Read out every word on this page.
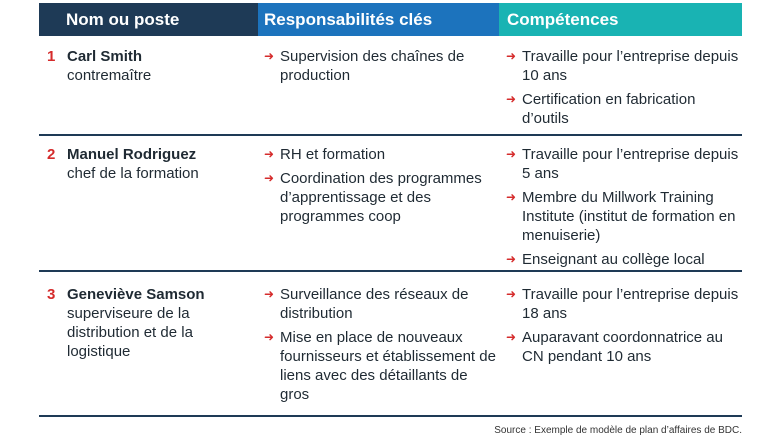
Nom ou poste	Responsabilités clés	Compétences
1 Carl Smith
contremaître
➜ Supervision des chaînes de production
➜ Travaille pour l’entreprise depuis 10 ans
➜ Certification en fabrication d’outils
2 Manuel Rodriguez
chef de la formation
➜ RH et formation
➜ Coordination des programmes d’apprentissage et des programmes coop
➜ Travaille pour l’entreprise depuis 5 ans
➜ Membre du Millwork Training Institute (institut de formation en menuiserie)
➜ Enseignant au collège local
3 Geneviève Samson
superviseure de la distribution et de la logistique
➜ Surveillance des réseaux de distribution
➜ Mise en place de nouveaux fournisseurs et établissement de liens avec des détaillants de gros
➜ Travaille pour l’entreprise depuis 18 ans
➜ Auparavant coordonnatrice au CN pendant 10 ans
Source : Exemple de modèle de plan d’affaires de BDC.
